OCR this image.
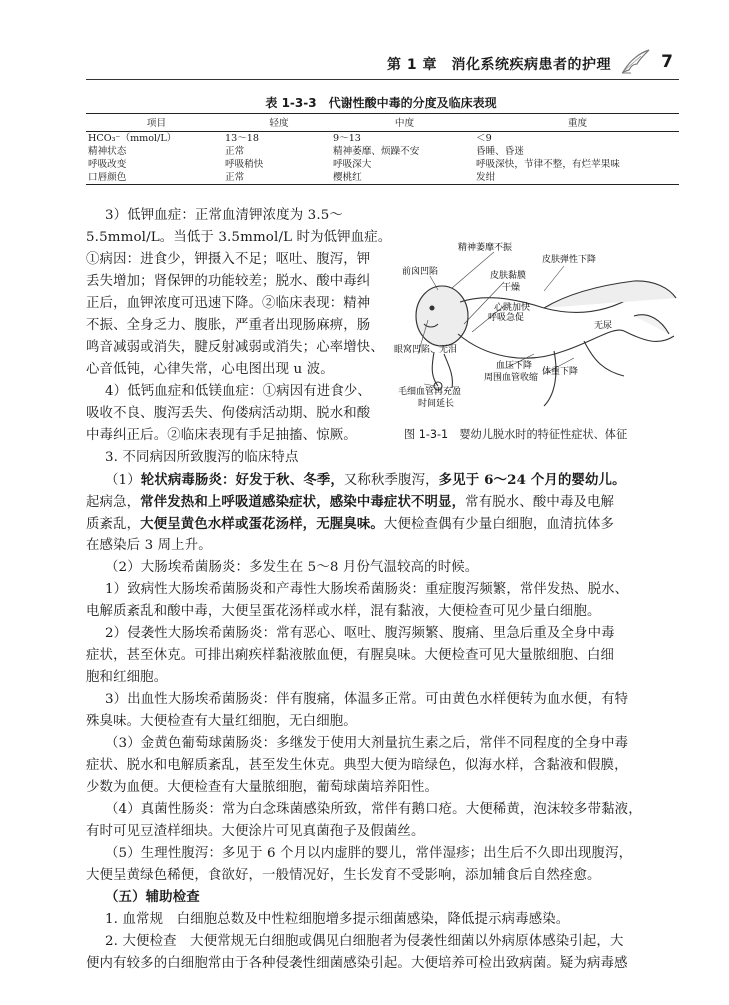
第 1 章　消化系统疾病患者的护理	7
表 1-3-3　代谢性酸中毒的分度及临床表现
项目	轻度	中度	重度
HCO₃⁻（mmol/L）	13～18	9～13	＜9
精神状态	正常	精神萎靡、烦躁不安	昏睡、昏迷
呼吸改变	呼吸稍快	呼吸深大	呼吸深快，节律不整，有烂苹果味
口唇颜色	正常	樱桃红	发绀
3）低钾血症：正常血清钾浓度为 3.5～
5.5mmol/L。当低于 3.5mmol/L 时为低钾血症。
①病因：进食少，钾摄入不足；呕吐、腹泻，钾
丢失增加；肾保钾的功能较差；脱水、酸中毒纠
正后，血钾浓度可迅速下降。②临床表现：精神
不振、全身乏力、腹胀，严重者出现肠麻痹，肠
鸣音减弱或消失，腱反射减弱或消失；心率增快、
心音低钝，心律失常，心电图出现 u 波。
4）低钙血症和低镁血症：①病因有进食少、
吸收不良、腹泻丢失、佝偻病活动期、脱水和酸
中毒纠正后。②临床表现有手足抽搐、惊厥。
精神萎靡不振
前囟凹陷	皮肤黏膜
干燥
皮肤弹性下降
心跳加快
呼吸急促
无尿
眼窝凹陷、无泪
血压下降
周围血管收缩
体重下降
毛细血管再充盈
时间延长
图 1-3-1　婴幼儿脱水时的特征性症状、体征
3. 不同病因所致腹泻的临床特点
（1）轮状病毒肠炎：好发于秋、冬季，又称秋季腹泻，多见于 6～24 个月的婴幼儿。
起病急，常伴发热和上呼吸道感染症状，感染中毒症状不明显，常有脱水、酸中毒及电解
质紊乱，大便呈黄色水样或蛋花汤样，无腥臭味。大便检查偶有少量白细胞，血清抗体多
在感染后 3 周上升。
（2）大肠埃希菌肠炎：多发生在 5～8 月份气温较高的时候。
1）致病性大肠埃希菌肠炎和产毒性大肠埃希菌肠炎：重症腹泻频繁，常伴发热、脱水、
电解质紊乱和酸中毒，大便呈蛋花汤样或水样，混有黏液，大便检查可见少量白细胞。
2）侵袭性大肠埃希菌肠炎：常有恶心、呕吐、腹泻频繁、腹痛、里急后重及全身中毒
症状，甚至休克。可排出痢疾样黏液脓血便，有腥臭味。大便检查可见大量脓细胞、白细
胞和红细胞。
3）出血性大肠埃希菌肠炎：伴有腹痛，体温多正常。可由黄色水样便转为血水便，有特
殊臭味。大便检查有大量红细胞，无白细胞。
（3）金黄色葡萄球菌肠炎：多继发于使用大剂量抗生素之后，常伴不同程度的全身中毒
症状、脱水和电解质紊乱，甚至发生休克。典型大便为暗绿色，似海水样，含黏液和假膜，
少数为血便。大便检查有大量脓细胞，葡萄球菌培养阳性。
（4）真菌性肠炎：常为白念珠菌感染所致，常伴有鹅口疮。大便稀黄，泡沫较多带黏液，
有时可见豆渣样细块。大便涂片可见真菌孢子及假菌丝。
（5）生理性腹泻：多见于 6 个月以内虚胖的婴儿，常伴湿疹；出生后不久即出现腹泻，
大便呈黄绿色稀便，食欲好，一般情况好，生长发育不受影响，添加辅食后自然痊愈。
（五）辅助检查
1. 血常规　白细胞总数及中性粒细胞增多提示细菌感染，降低提示病毒感染。
2. 大便检查　大便常规无白细胞或偶见白细胞者为侵袭性细菌以外病原体感染引起，大
便内有较多的白细胞常由于各种侵袭性细菌感染引起。大便培养可检出致病菌。疑为病毒感
